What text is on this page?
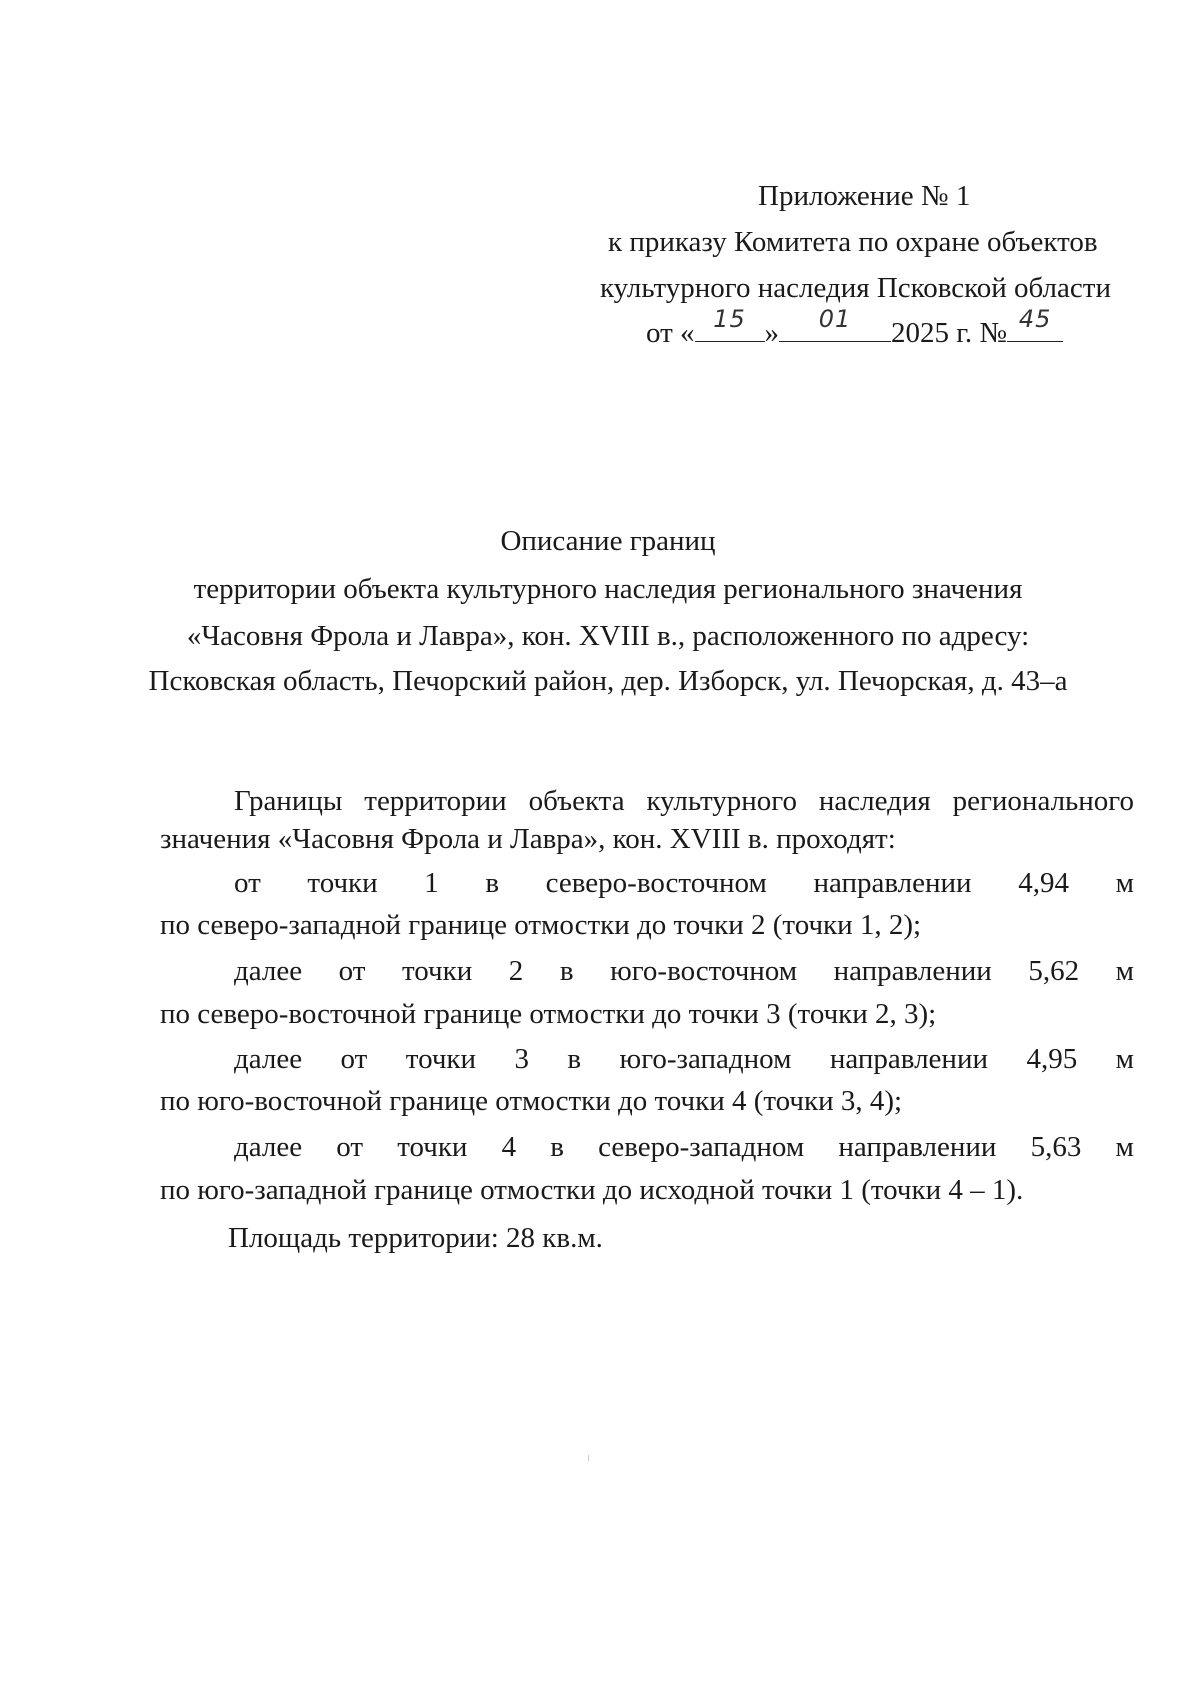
Приложение № 1
к приказу Комитета по охране объектов
культурного наследия Псковской области
от « 15 »	01	2025 г. № 45
Описание границ
территории объекта культурного наследия регионального значения
«Часовня Фрола и Лавра», кон. XVIII в., расположенного по адресу:
Псковская область, Печорский район, дер. Изборск, ул. Печорская, д. 43–а
Границы территории объекта культурного наследия регионального
значения «Часовня Фрола и Лавра», кон. XVIII в. проходят:
от точки 1 в северо-восточном направлении 4,94 м
по северо-западной границе отмостки до точки 2 (точки 1, 2);
далее от точки 2 в юго-восточном направлении 5,62 м
по северо-восточной границе отмостки до точки 3 (точки 2, 3);
далее от точки 3 в юго-западном направлении 4,95 м
по юго-восточной границе отмостки до точки 4 (точки 3, 4);
далее от точки 4 в северо-западном направлении 5,63 м
по юго-западной границе отмостки до исходной точки 1 (точки 4 – 1).
Площадь территории: 28 кв.м.
